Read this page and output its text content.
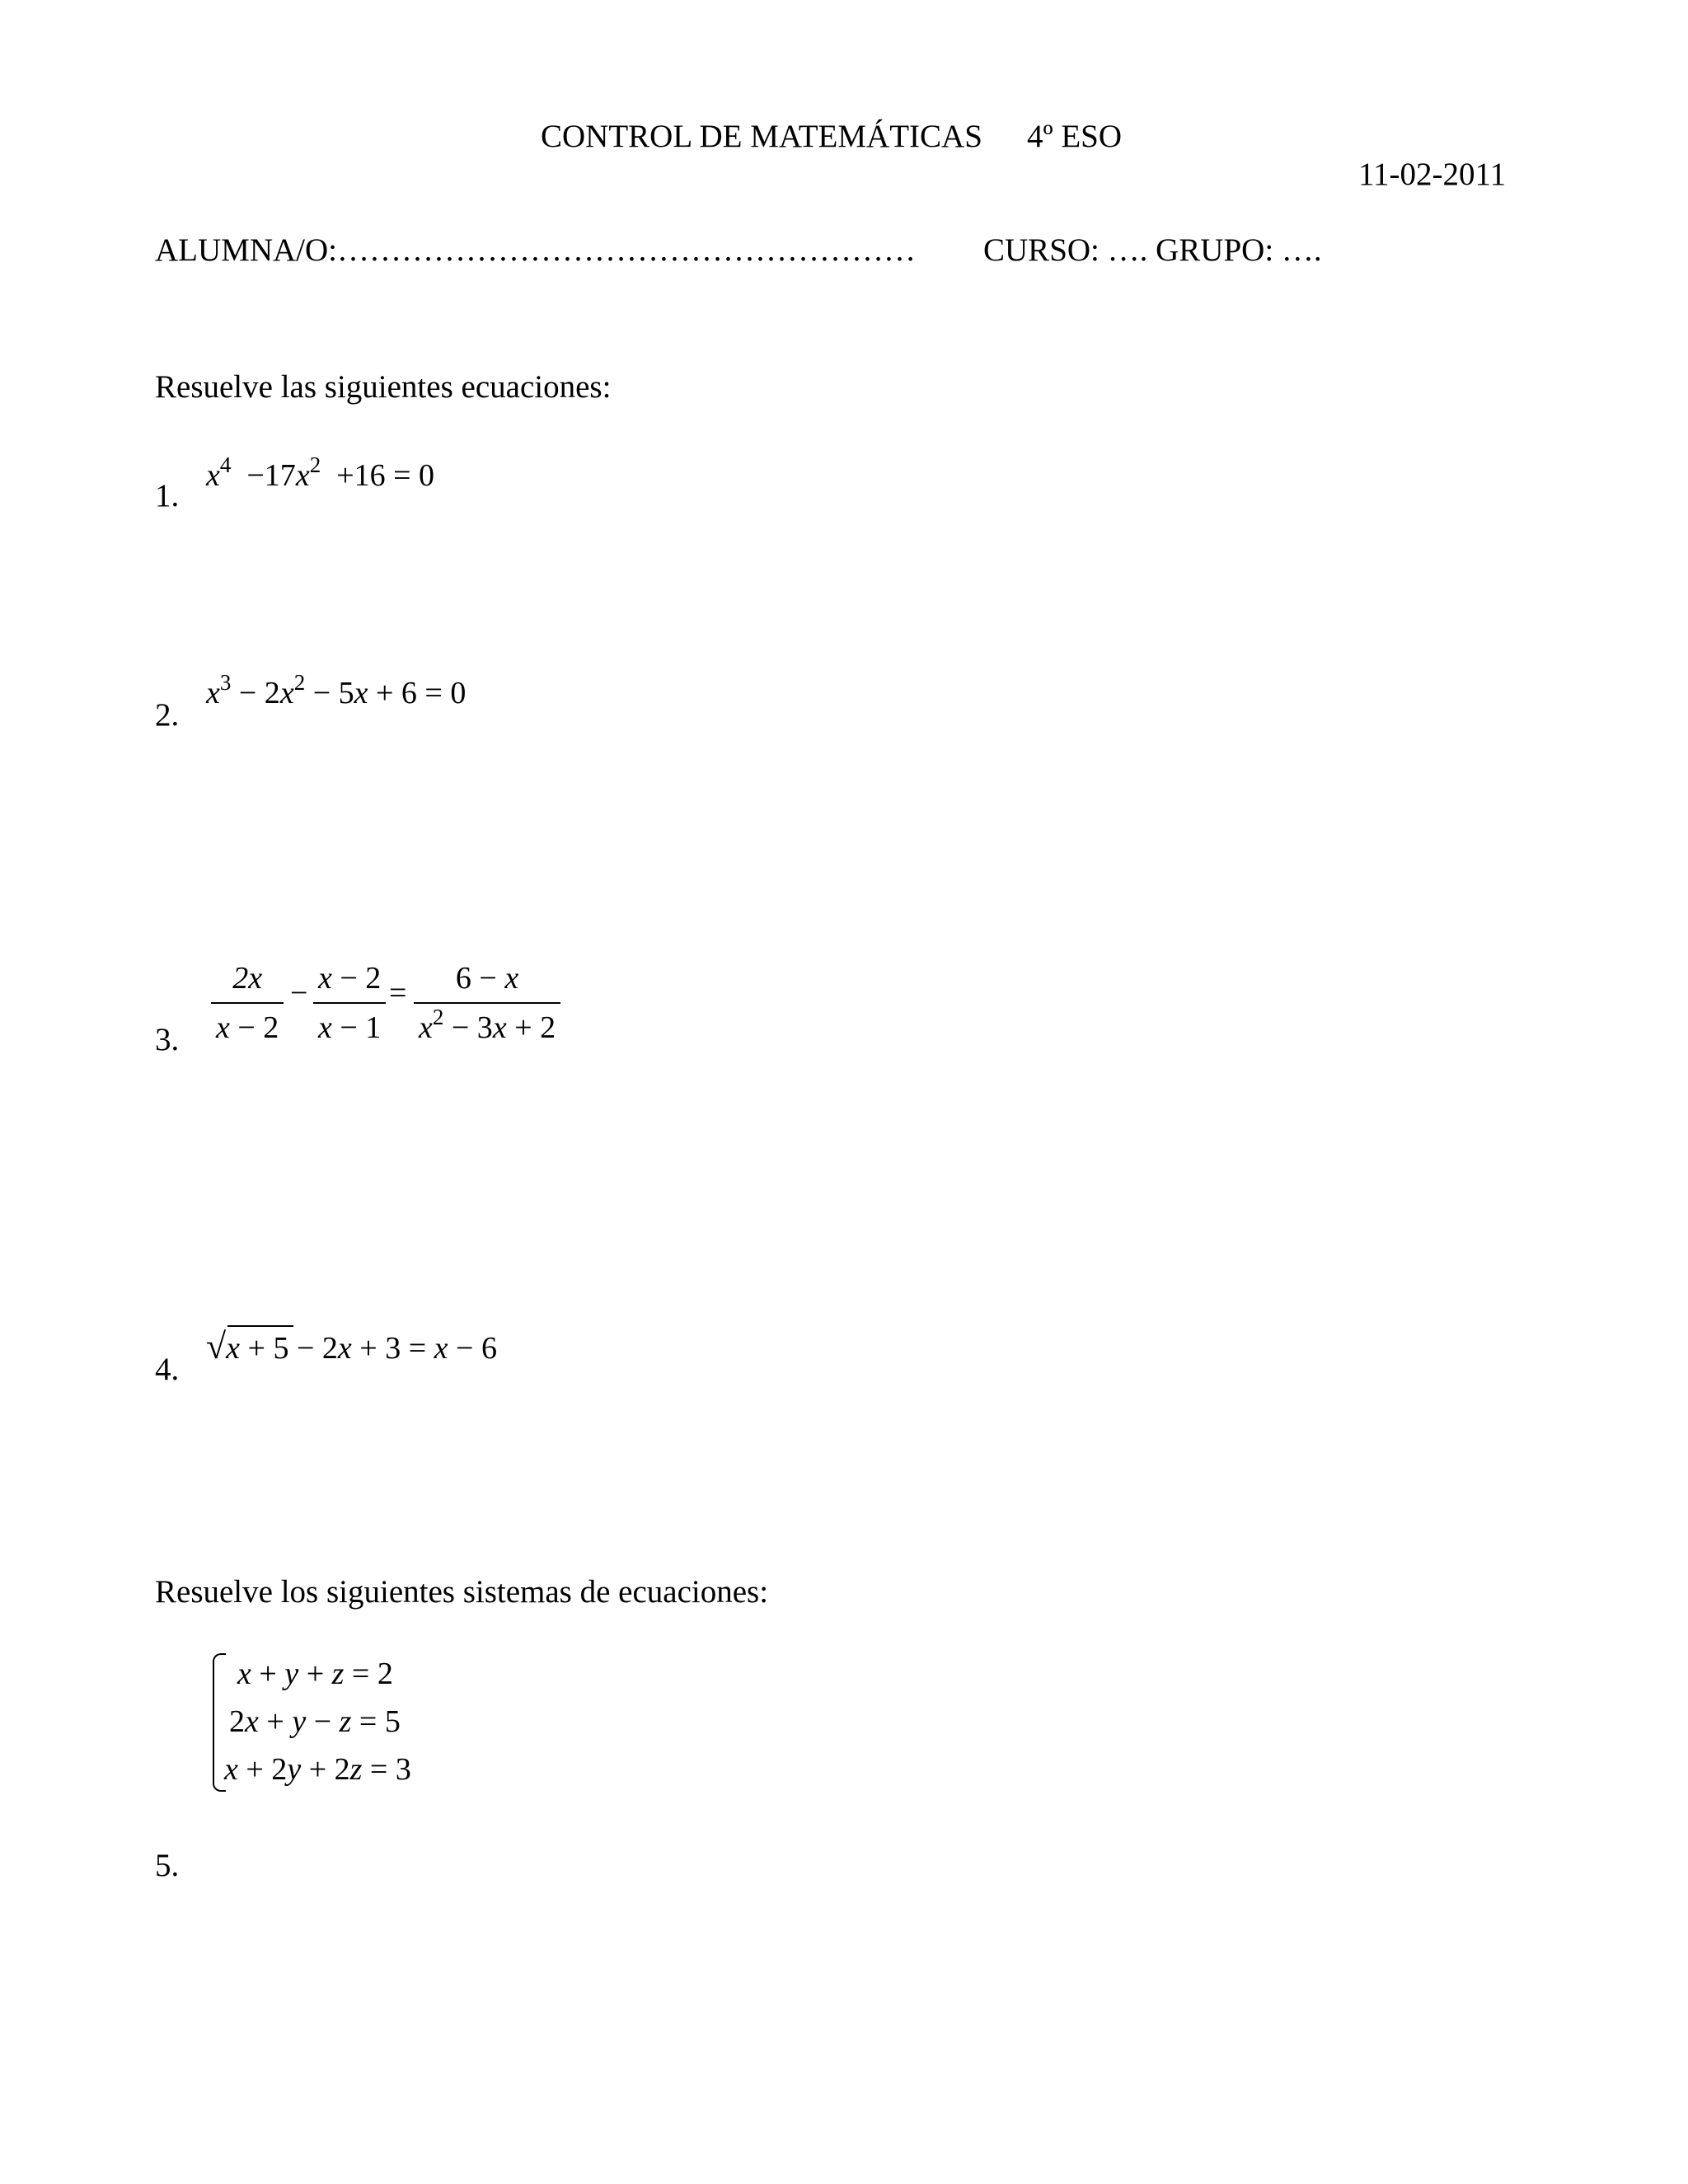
CONTROL DE MATEMÁTICAS 4º ESO
11-02-2011
ALUMNA/O:……………………………………………… CURSO: …. GRUPO: ….
Resuelve las siguientes ecuaciones:
1.
$x^4 -17x^2 +16 = 0$
2.
$x^3 - 2x^2 - 5x + 6 = 0$
3.
2x
x − 2
− x − 2
x − 1
= 6 − x
$x^2 - 3x + 2$
4.
√x + 5 − 2x + 3 = x − 6
Resuelve los siguientes sistemas de ecuaciones:
x + y + z = 2
2x + y − z = 5
x + 2y + 2z = 3
5.
